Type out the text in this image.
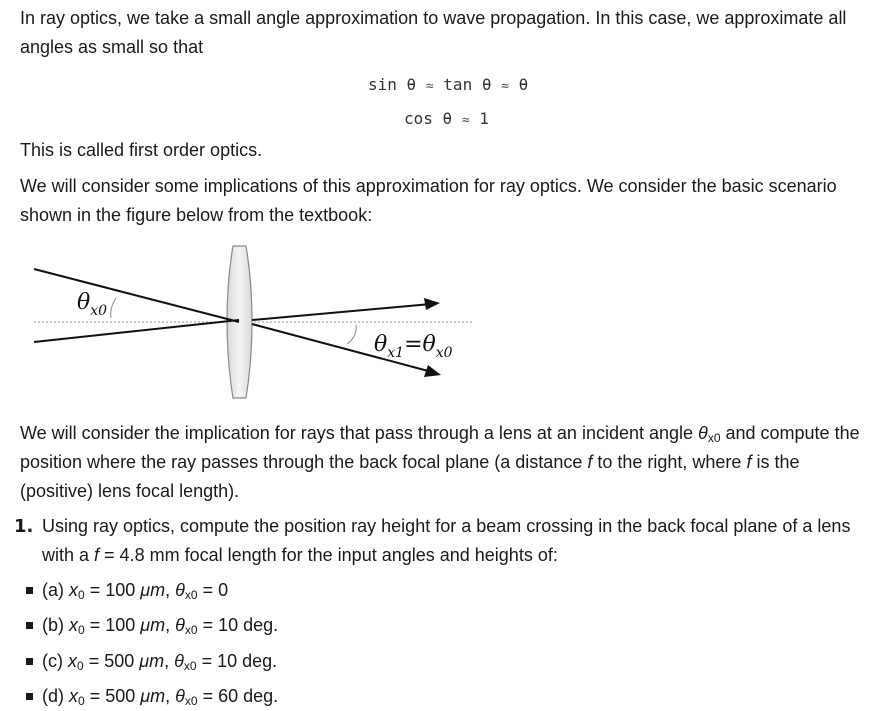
In ray optics, we take a small angle approximation to wave propagation. In this case, we approximate all angles as small so that

sin θ ≈ tan θ ≈ θ
cos θ ≈ 1

This is called first order optics.

We will consider some implications of this approximation for ray optics. We consider the basic scenario shown in the figure below from the textbook:

$\theta_{x0}$
$\theta_{x1}=\theta_{x0}$

We will consider the implication for rays that pass through a lens at an incident angle $\theta_{x0}$ and compute the position where the ray passes through the back focal plane (a distance f to the right, where f is the (positive) lens focal length).

1. Using ray optics, compute the position ray height for a beam crossing in the back focal plane of a lens with a f = 4.8 mm focal length for the input angles and heights of:
(a) $x_0 = 100$ μm, $\theta_{x0} = 0$
(b) $x_0 = 100$ μm, $\theta_{x0} = 10$ deg.
(c) $x_0 = 500$ μm, $\theta_{x0} = 10$ deg.
(d) $x_0 = 500$ μm, $\theta_{x0} = 60$ deg.
